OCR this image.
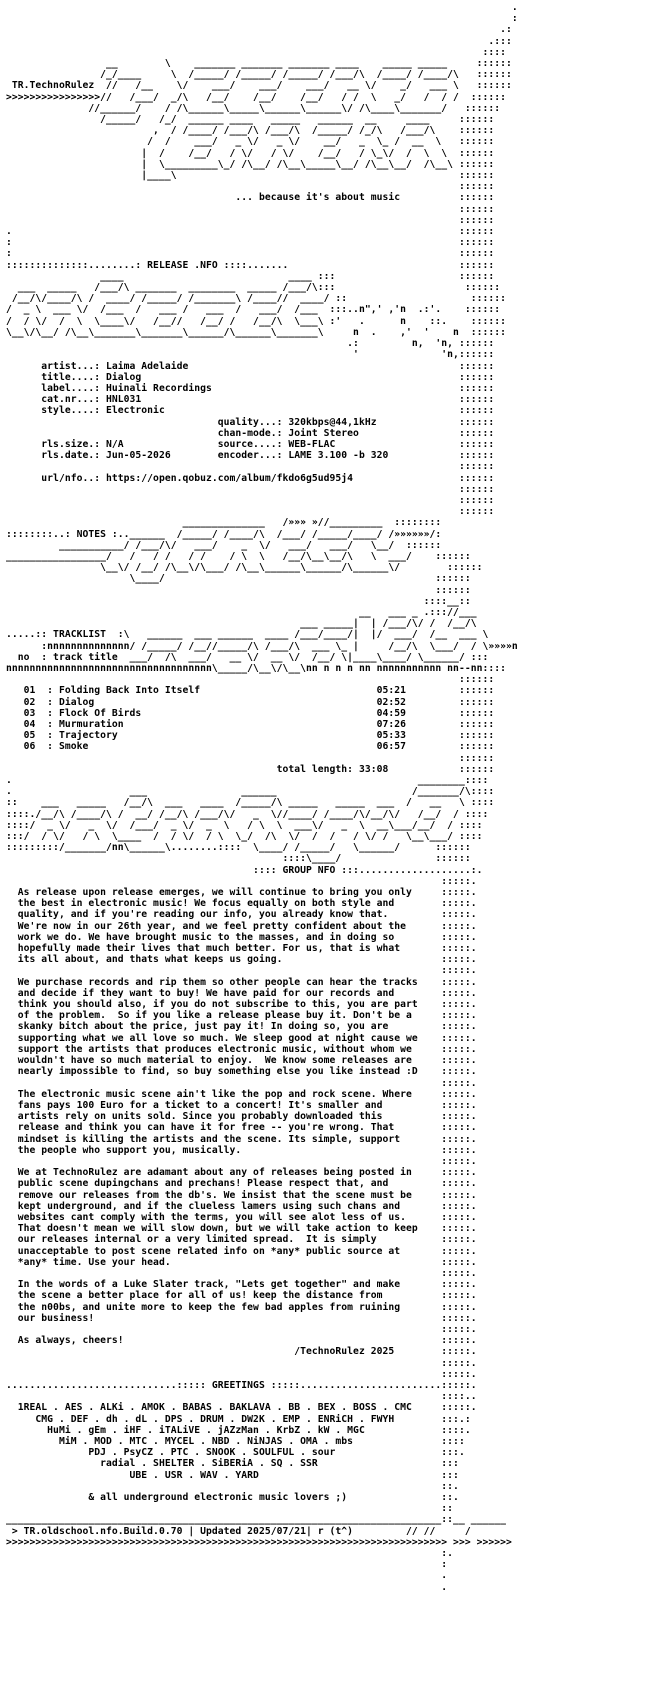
.
:
.:
.:::
::::
__        \    _______ _______ _______ ____    _____ _____     ::::::
/_/____     \  /_____/ /_____/ /_____/ /___/\  /____/ /____/\   ::::::
TR.TechnoRulez  //   /__    \/    ___/    ___/    ___/   __ \/    _/   ___ \   ::::::
>>>>>>>>>>>>>>>>//   /___/  _/\   /__/    /__/    /__/   / /  \   _/   /  / /  ::::::
//______/    / /\______\_____\______\______\/ /\____\_______/   ::::::
/_____/   /_/  ______ ____   _____   ______  __     ____     ::::::
,  / /____/ /___/\ /___/\  /_____/ /_/\   /___/\    ::::::
/  /    ___/   _ \/   _ \/    __/   _  \_ /  __  \   ::::::
|  /    /__/   / \/   / \/    /__/   / \_\/  /  \  \  ::::::
|  \_________\_/ /\__/ /\__\_____\__/ /\__\__/  /\__\ ::::::
|____\                                                ::::::
::::::
... because it's about music          ::::::
::::::
::::::
.                                                                            ::::::
:                                                                            ::::::
:                                                                            ::::::
::::::::::::::........: RELEASE .NFO ::::.......                             ::::::
____                            ____ :::                     ::::::
___  _____   /___/\ _______  ________  _____ /___/\:::                      ::::::
/__/\/____/\ /  ____/ /_____/ /_______\ /____//  ____/ ::                     ::::::
/  _ \  ___ \/  /___  /   ___ /   ___  /   ___/  /___  :::..n",' ,'n  .:'.    ::::::
/  / \/  /  \  \____\/   /__//   /__/ /   /__/\  \___\ :'   .      n    ::.    ::::::
\__\/\__/ /\__\_______\_______\______/\______\_______\     n  .    ,'  '    n  ::::::
.:         n,  'n, ::::::
'              'n,::::::
artist...: Laima Adelaide                                              ::::::
title....: Dialog                                                      ::::::
label....: Huinali Recordings                                          ::::::
cat.nr...: HNL031                                                      ::::::
style....: Electronic                                                  ::::::
quality...: 320kbps@44,1kHz              ::::::
chan-mode.: Joint Stereo                 ::::::
rls.size.: N/A                source....: WEB-FLAC                     ::::::
rls.date.: Jun-05-2026        encoder...: LAME 3.100 -b 320            ::::::
::::::
url/nfo..: https://open.qobuz.com/album/fkdo6g5ud95j4                  ::::::
::::::
::::::
::::::
______________   /»»» »//_________  ::::::::
::::::::..: NOTES :..______  /_____/ /____/\  /___/ /_____/____/ /»»»»»»/:
___________/ /___/\/   ___/    _  \/   ___/   ___/   \__/  ::::::
_________________/   /   / /   / /    / \  \   /__/\__\__/\   \  ___/    ::::::
\__\/ /__/ /\__\/\___/ /\__\______\______/\______\/        ::::::
\____/                                              ::::::
::::::
::::__::
__   ___ _ .::://___
___ _____|  | /___/\/ /  /__/\
.....:: TRACKLIST  :\   ______  ___ ______  ____ /___/____/|  |/  ___/  /__  ___ \
:nnnnnnnnnnnnnn/ /_____/ /__//_____/\ /___/\  ___ \_ |     /__/\  \___/  / \»»»»n
no  : track title  ___/  /\  ___/   __ \/  __ \/  /__/ \|____\____/ \______/ :::
nnnnnnnnnnnnnnnnnnnnnnnnnnnnnnnnnnn\_____/\__\/\__\nn n n n nn nnnnnnnnnnn nn--nn::::
::::::
01  : Folding Back Into Itself                              05:21         ::::::
02  : Dialog                                                02:52         ::::::
03  : Flock Of Birds                                        04:59         ::::::
04  : Murmuration                                           07:26         ::::::
05  : Trajectory                                            05:33         ::::::
06  : Smoke                                                 06:57         ::::::
::::::
total length: 33:08            ::::::
.                                                                     ________::::
.                    ___                ______                       /_______/\::::
::    ___   _____   /__/\  ___   ____  /_____/\ _____   _____  ___  /   __   \ ::::
::::./__/\ /____/\ /  __/ /__/\ /___/\/   _  \//____/ /____/\/__/\/   /__/  / ::::
::::/  _ \/   _  \/  /___/  _ \/  _  \   / \  \  ___\/   _  \  __\___/__/  / ::::
:::/  / \/   / \  \____  /  / \/  / \  \_/  /\  \/  /  /   / \/ /   \__\___/ ::::
:::::::::/_______/nn\______\........::::  \____/ /_____/   \______/      ::::::
::::\____/                ::::::
:::: GROUP NFO :::...................:.
:::::.
As release upon release emerges, we will continue to bring you only     :::::.
the best in electronic music! We focus equally on both style and        :::::.
quality, and if you're reading our info, you already know that.         :::::.
We're now in our 26th year, and we feel pretty confident about the      :::::.
work we do. We have brought music to the masses, and in doing so        :::::.
hopefully made their lives that much better. For us, that is what       :::::.
its all about, and thats what keeps us going.                           :::::.
:::::.
We purchase records and rip them so other people can hear the tracks    :::::.
and decide if they want to buy! We have paid for our records and        :::::.
think you should also, if you do not subscribe to this, you are part    :::::.
of the problem.  So if you like a release please buy it. Don't be a     :::::.
skanky bitch about the price, just pay it! In doing so, you are         :::::.
supporting what we all love so much. We sleep good at night cause we    :::::.
support the artists that produces electronic music, without whom we     :::::.
wouldn't have so much material to enjoy.  We know some releases are     :::::.
nearly impossible to find, so buy something else you like instead :D    :::::.
:::::.
The electronic music scene ain't like the pop and rock scene. Where     :::::.
fans pays 100 Euro for a ticket to a concert! It's smaller and          :::::.
artists rely on units sold. Since you probably downloaded this          :::::.
release and think you can have it for free -- you're wrong. That        :::::.
mindset is killing the artists and the scene. Its simple, support       :::::.
the people who support you, musically.                                  :::::.
:::::.
We at TechnoRulez are adamant about any of releases being posted in     :::::.
public scene dupingchans and prechans! Please respect that, and         :::::.
remove our releases from the db's. We insist that the scene must be     :::::.
kept underground, and if the clueless lamers using such chans and       :::::.
websites cant comply with the terms, you will see alot less of us.      :::::.
That doesn't mean we will slow down, but we will take action to keep    :::::.
our releases internal or a very limited spread.  It is simply           :::::.
unacceptable to post scene related info on *any* public source at       :::::.
*any* time. Use your head.                                              :::::.
:::::.
In the words of a Luke Slater track, "Lets get together" and make       :::::.
the scene a better place for all of us! keep the distance from          :::::.
the n00bs, and unite more to keep the few bad apples from ruining       :::::.
our business!                                                           :::::.
:::::.
As always, cheers!                                                      :::::.
/TechnoRulez 2025        :::::.
:::::.
:::::.
.............................::::: GREETINGS :::::........................:::::.
::::..
1REAL . AES . ALKi . AMOK . BABAS . BAKLAVA . BB . BEX . BOSS . CMC     :::::.
CMG . DEF . dh . dL . DPS . DRUM . DW2K . EMP . ENRiCH . FWYH        :::.:
HuMi . gEm . iHF . iTALiVE . jAZzMan . KrbZ . kW . MGC             ::::.
MiM . MOD . MTC . MYCEL . NBD . NiNJAS . OMA . mbs               ::::
PDJ . PsyCZ . PTC . SNOOK . SOULFUL . sour                  :::.
radial . SHELTER . SiBERiA . SQ . SSR                     :::
UBE . USR . WAV . YARD                               :::
::.
& all underground electronic music lovers ;)                ::.
::
__________________________________________________________________________::__ ______
> TR.oldschool.nfo.Build.0.70 | Updated 2025/07/21| r (t^)         // //     /
>>>>>>>>>>>>>>>>>>>>>>>>>>>>>>>>>>>>>>>>>>>>>>>>>>>>>>>>>>>>>>>>>>>>>>>>>>> >>> >>>>>>
:.
:
.
.
